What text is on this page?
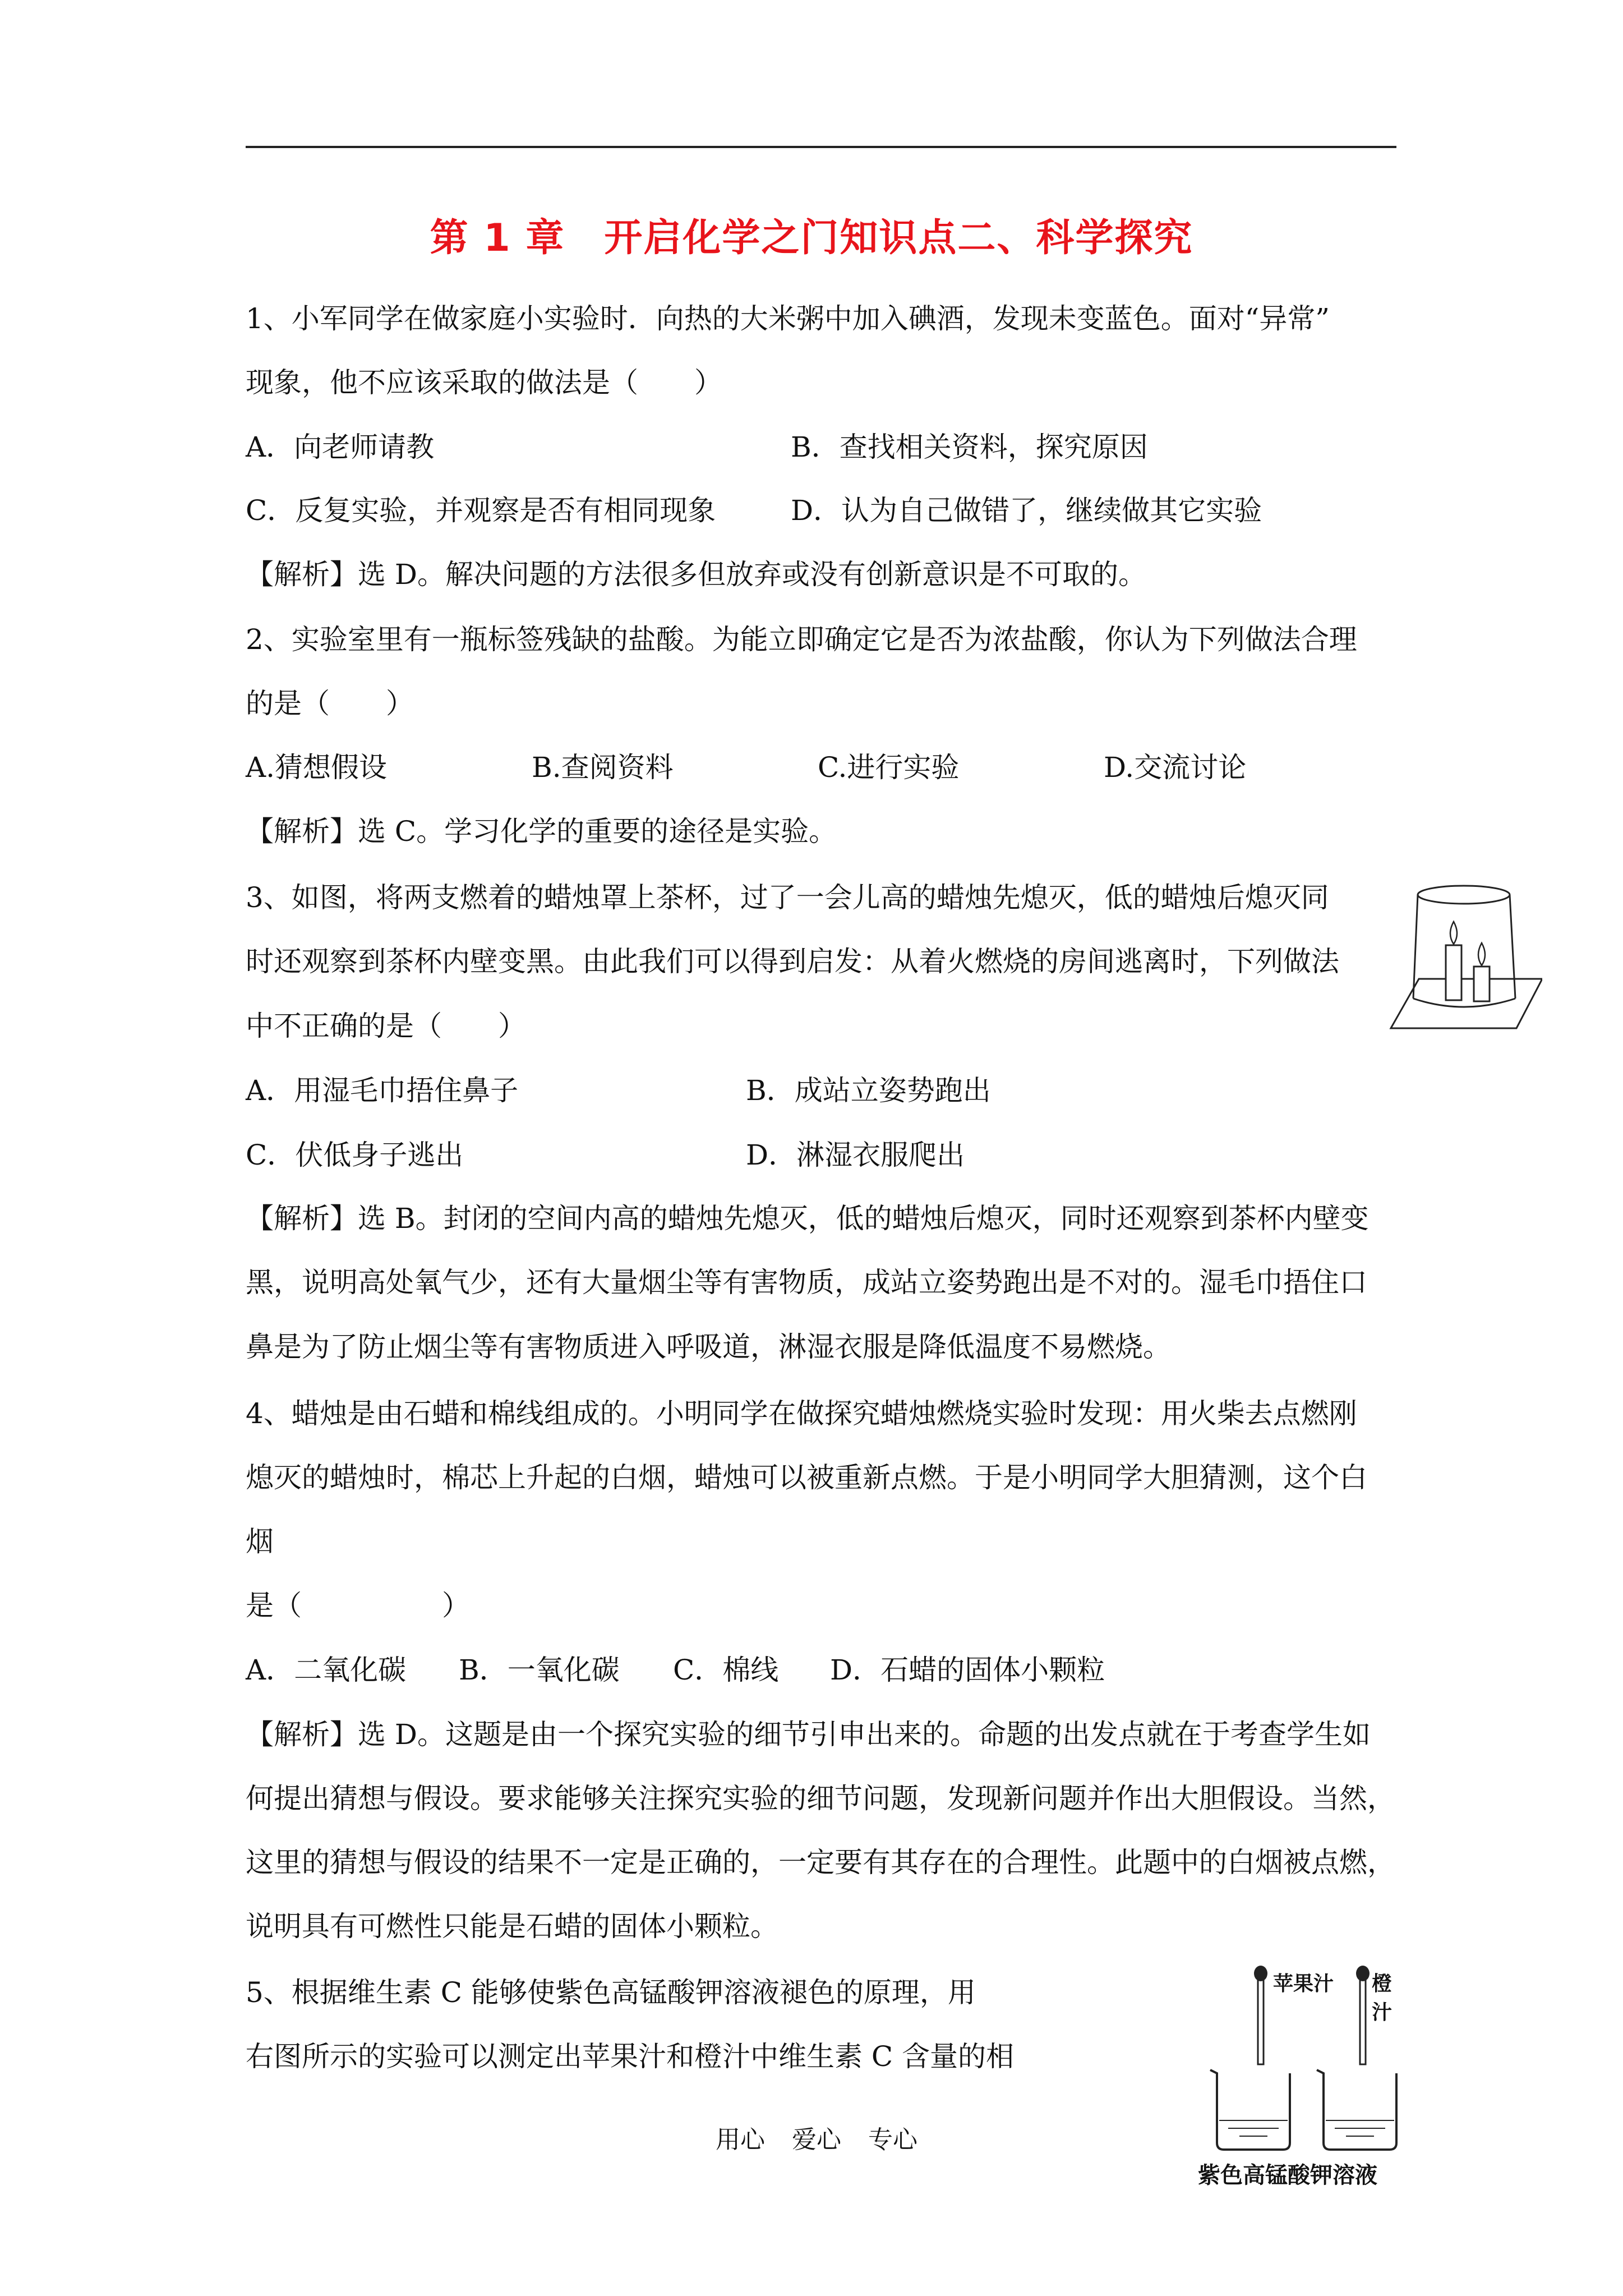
第 1 章　开启化学之门知识点二、科学探究
1、小军同学在做家庭小实验时．向热的大米粥中加入碘酒，发现未变蓝色。面对“异常”
现象，他不应该采取的做法是（　　）
A．向老师请教	B．查找相关资料，探究原因
C．反复实验，并观察是否有相同现象	D．认为自己做错了，继续做其它实验
【解析】选 D。解决问题的方法很多但放弃或没有创新意识是不可取的。
2、实验室里有一瓶标签残缺的盐酸。为能立即确定它是否为浓盐酸，你认为下列做法合理
的是（　　）
A.猜想假设	B.查阅资料	C.进行实验	D.交流讨论
【解析】选 C。学习化学的重要的途径是实验。
3、如图，将两支燃着的蜡烛罩上茶杯，过了一会儿高的蜡烛先熄灭，低的蜡烛后熄灭同
时还观察到茶杯内壁变黑。由此我们可以得到启发：从着火燃烧的房间逃离时，下列做法
中不正确的是（　　）
A．用湿毛巾捂住鼻子	B．成站立姿势跑出
C．伏低身子逃出	D．淋湿衣服爬出
【解析】选 B。封闭的空间内高的蜡烛先熄灭，低的蜡烛后熄灭，同时还观察到茶杯内壁变
黑，说明高处氧气少，还有大量烟尘等有害物质，成站立姿势跑出是不对的。湿毛巾捂住口
鼻是为了防止烟尘等有害物质进入呼吸道，淋湿衣服是降低温度不易燃烧。
4、蜡烛是由石蜡和棉线组成的。小明同学在做探究蜡烛燃烧实验时发现：用火柴去点燃刚
熄灭的蜡烛时，棉芯上升起的白烟，蜡烛可以被重新点燃。于是小明同学大胆猜测，这个白
烟
是（　　　　　）
A．二氧化碳 B．一氧化碳 C．棉线 D．石蜡的固体小颗粒
【解析】选 D。这题是由一个探究实验的细节引申出来的。命题的出发点就在于考查学生如
何提出猜想与假设。要求能够关注探究实验的细节问题，发现新问题并作出大胆假设。当然，
这里的猜想与假设的结果不一定是正确的，一定要有其存在的合理性。此题中的白烟被点燃，
说明具有可燃性只能是石蜡的固体小颗粒。
5、根据维生素 C 能够使紫色高锰酸钾溶液褪色的原理，用
右图所示的实验可以测定出苹果汁和橙汁中维生素 C 含量的相
苹果汁 橙汁
紫色高锰酸钾溶液
用心 爱心 专心
